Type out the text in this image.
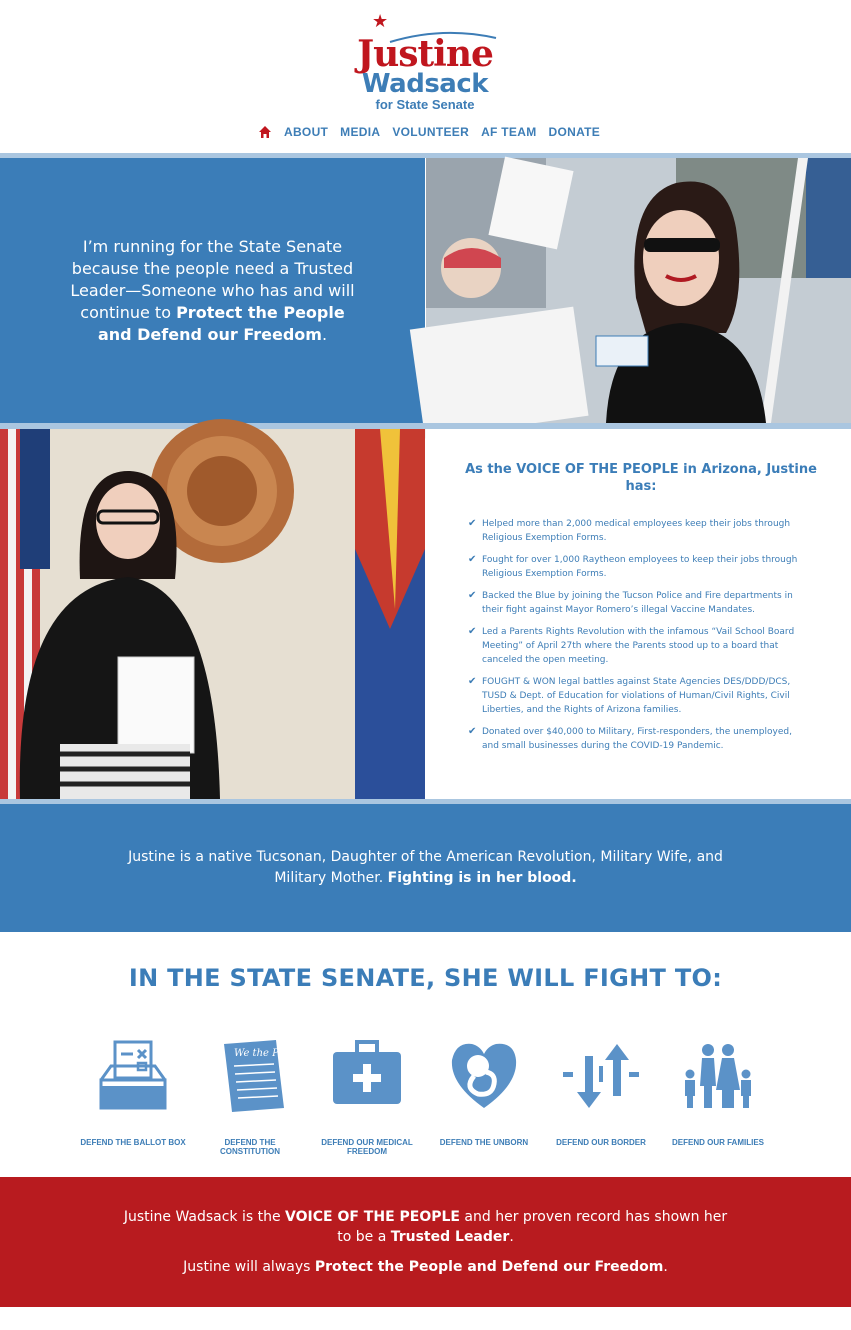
★
Justine
Wadsack
for State Senate
ABOUT MEDIA VOLUNTEER AF TEAM DONATE

I’m running for the State Senate because the people need a Trusted Leader—Someone who has and will continue to Protect the People and Defend our Freedom.

As the VOICE OF THE PEOPLE in Arizona, Justine has:
✔ Helped more than 2,000 medical employees keep their jobs through Religious Exemption Forms.
✔ Fought for over 1,000 Raytheon employees to keep their jobs through Religious Exemption Forms.
✔ Backed the Blue by joining the Tucson Police and Fire departments in their fight against Mayor Romero’s illegal Vaccine Mandates.
✔ Led a Parents Rights Revolution with the infamous “Vail School Board Meeting” of April 27th where the Parents stood up to a board that canceled the open meeting.
✔ FOUGHT & WON legal battles against State Agencies DES/DDD/DCS, TUSD & Dept. of Education for violations of Human/Civil Rights, Civil Liberties, and the Rights of Arizona families.
✔ Donated over $40,000 to Military, First-responders, the unemployed, and small businesses during the COVID-19 Pandemic.

Justine is a native Tucsonan, Daughter of the American Revolution, Military Wife, and Military Mother. Fighting is in her blood.

IN THE STATE SENATE, SHE WILL FIGHT TO:
DEFEND THE BALLOT BOX
We the People
DEFEND THE CONSTITUTION
DEFEND OUR MEDICAL FREEDOM
DEFEND THE UNBORN	DEFEND OUR BORDER	DEFEND OUR FAMILIES

Justine Wadsack is the VOICE OF THE PEOPLE and her proven record has shown her to be a Trusted Leader.

Justine will always Protect the People and Defend our Freedom.
